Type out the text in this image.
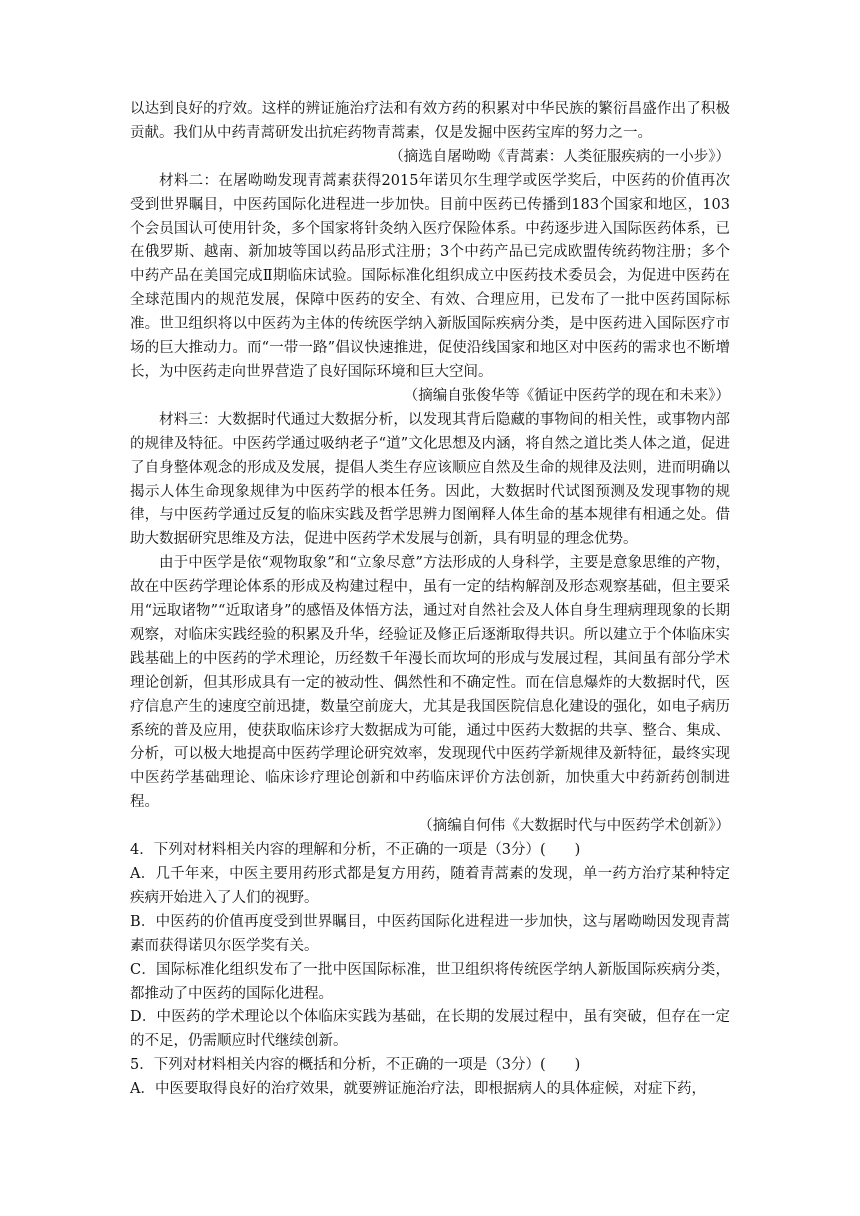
以达到良好的疗效。这样的辨证施治疗法和有效方药的积累对中华民族的繁衍昌盛作出了积极贡献。我们从中药青蒿研发出抗疟药物青蒿素，仅是发掘中医药宝库的努力之一。

（摘选自屠呦呦《青蒿素：人类征服疾病的一小步》）

材料二：在屠呦呦发现青蒿素获得2015年诺贝尔生理学或医学奖后，中医药的价值再次受到世界瞩目，中医药国际化进程进一步加快。目前中医药已传播到183个国家和地区，103个会员国认可使用针灸，多个国家将针灸纳入医疗保险体系。中药逐步进入国际医药体系，已在俄罗斯、越南、新加坡等国以药品形式注册；3个中药产品已完成欧盟传统药物注册；多个中药产品在美国完成Ⅱ期临床试验。国际标准化组织成立中医药技术委员会，为促进中医药在全球范围内的规范发展，保障中医药的安全、有效、合理应用，已发布了一批中医药国际标准。世卫组织将以中医药为主体的传统医学纳入新版国际疾病分类，是中医药进入国际医疗市场的巨大推动力。而“一带一路”倡议快速推进，促使沿线国家和地区对中医药的需求也不断增长，为中医药走向世界营造了良好国际环境和巨大空间。

（摘编自张俊华等《循证中医药学的现在和未来》）

材料三：大数据时代通过大数据分析，以发现其背后隐藏的事物间的相关性，或事物内部的规律及特征。中医药学通过吸纳老子“道”文化思想及内涵，将自然之道比类人体之道，促进了自身整体观念的形成及发展，提倡人类生存应该顺应自然及生命的规律及法则，进而明确以揭示人体生命现象规律为中医药学的根本任务。因此，大数据时代试图预测及发现事物的规律，与中医药学通过反复的临床实践及哲学思辨力图阐释人体生命的基本规律有相通之处。借助大数据研究思维及方法，促进中医药学术发展与创新，具有明显的理念优势。

由于中医学是依“观物取象”和“立象尽意”方法形成的人身科学，主要是意象思维的产物，故在中医药学理论体系的形成及构建过程中，虽有一定的结构解剖及形态观察基础，但主要采用“远取诸物”“近取诸身”的感悟及体悟方法，通过对自然社会及人体自身生理病理现象的长期观察，对临床实践经验的积累及升华，经验证及修正后逐渐取得共识。所以建立于个体临床实践基础上的中医药的学术理论，历经数千年漫长而坎坷的形成与发展过程，其间虽有部分学术理论创新，但其形成具有一定的被动性、偶然性和不确定性。而在信息爆炸的大数据时代，医疗信息产生的速度空前迅捷，数量空前庞大，尤其是我国医院信息化建设的强化，如电子病历系统的普及应用，使获取临床诊疗大数据成为可能，通过中医药大数据的共享、整合、集成、分析，可以极大地提高中医药学理论研究效率，发现现代中医药学新规律及新特征，最终实现中医药学基础理论、临床诊疗理论创新和中药临床评价方法创新，加快重大中药新药创制进程。

（摘编自何伟《大数据时代与中医药学术创新》）

4．下列对材料相关内容的理解和分析，不正确的一项是（3分）(　　)

A．几千年来，中医主要用药形式都是复方用药，随着青蒿素的发现，单一药方治疗某种特定疾病开始进入了人们的视野。

B．中医药的价值再度受到世界瞩目，中医药国际化进程进一步加快，这与屠呦呦因发现青蒿素而获得诺贝尔医学奖有关。

C．国际标准化组织发布了一批中医国际标准，世卫组织将传统医学纳人新版国际疾病分类，都推动了中医药的国际化进程。

D．中医药的学术理论以个体临床实践为基础，在长期的发展过程中，虽有突破，但存在一定的不足，仍需顺应时代继续创新。

5．下列对材料相关内容的概括和分析，不正确的一项是（3分）(　　)

A．中医要取得良好的治疗效果，就要辨证施治疗法，即根据病人的具体症候，对症下药，
